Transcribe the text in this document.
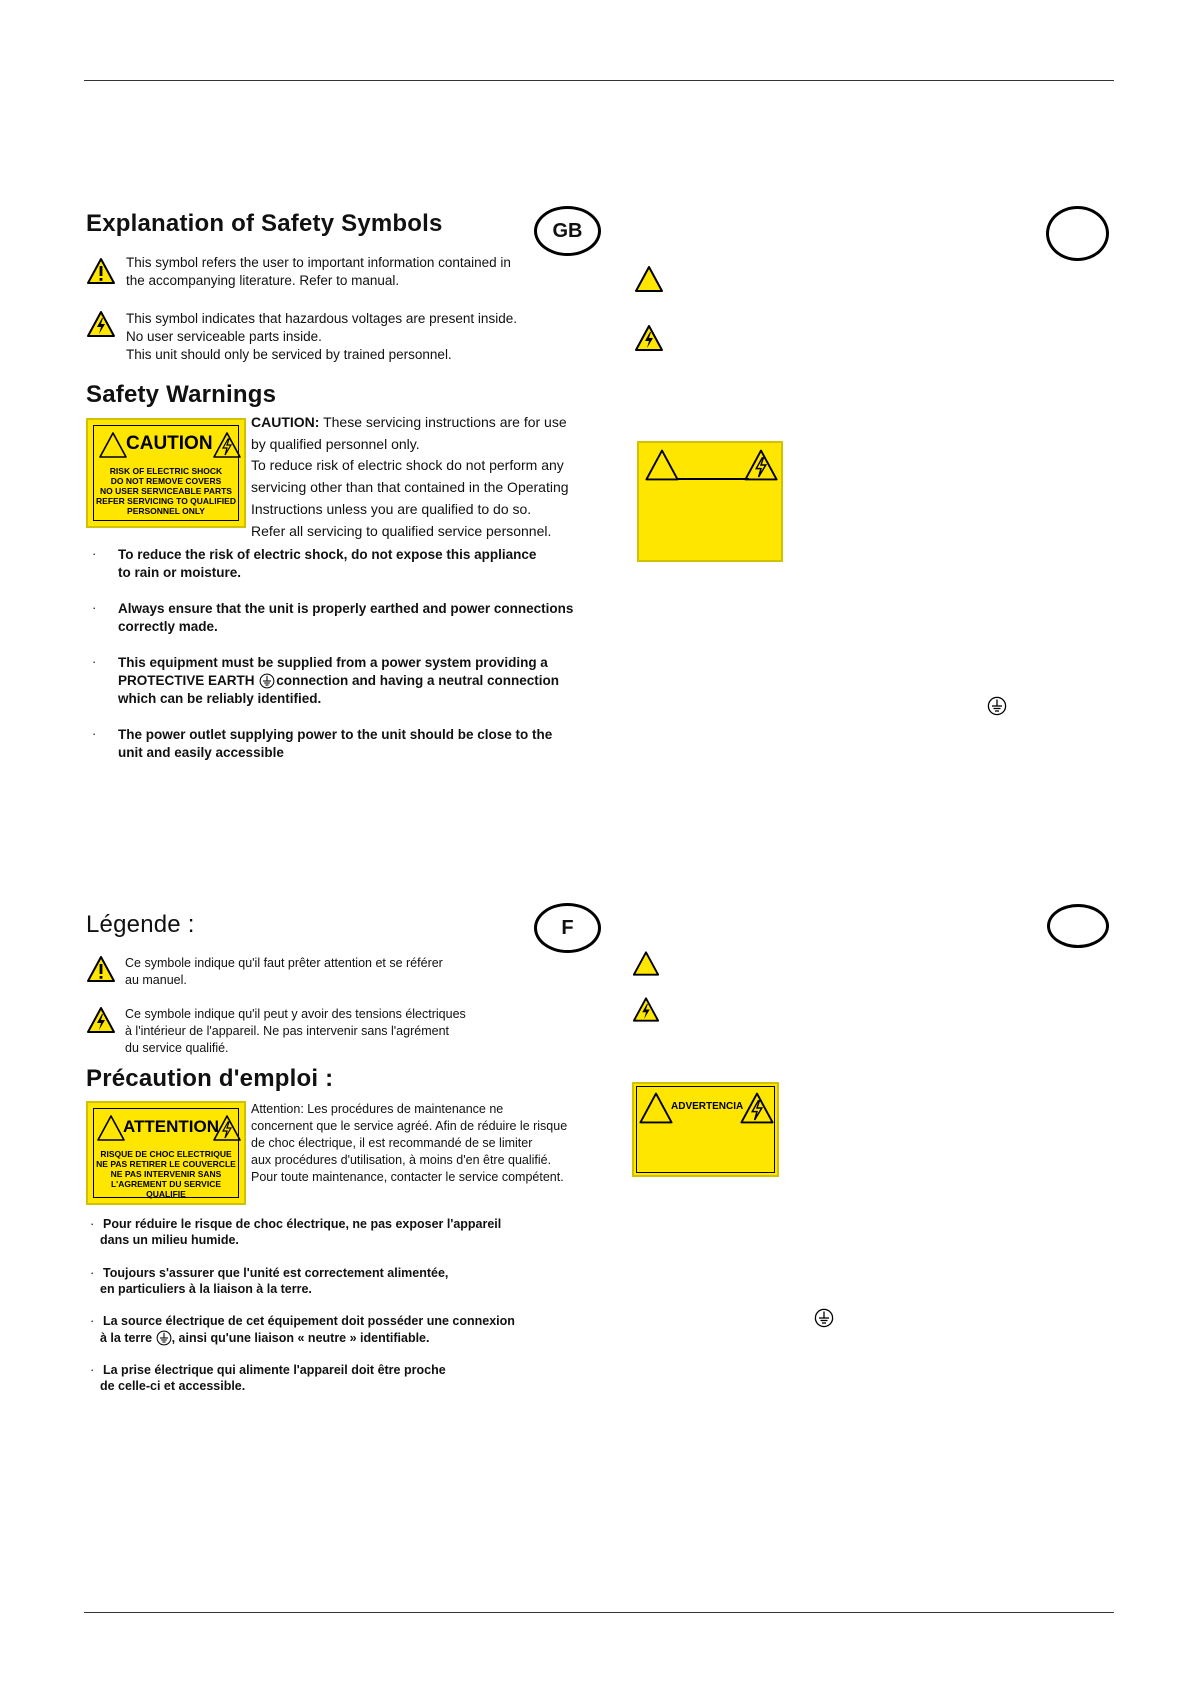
Explanation of Safety Symbols	GB
This symbol refers the user to important information contained in
the accompanying literature. Refer to manual.
This symbol indicates that hazardous voltages are present inside.
No user serviceable parts inside.
This unit should only be serviced by trained personnel.
Safety Warnings
CAUTION
RISK OF ELECTRIC SHOCK
DO NOT REMOVE COVERS
NO USER SERVICEABLE PARTS
REFER SERVICING TO QUALIFIED
PERSONNEL ONLY
CAUTION: These servicing instructions are for use
by qualified personnel only.
To reduce risk of electric shock do not perform any
servicing other than that contained in the Operating
Instructions unless you are qualified to do so.
Refer all servicing to qualified service personnel.
· To reduce the risk of electric shock, do not expose this appliance
to rain or moisture.
· Always ensure that the unit is properly earthed and power connections
correctly made.
· This equipment must be supplied from a power system providing a
PROTECTIVE EARTH connection and having a neutral connection
which can be reliably identified.
· The power outlet supplying power to the unit should be close to the
unit and easily accessible
Légende :	F
Ce symbole indique qu'il faut prêter attention et se référer
au manuel.
Ce symbole indique qu'il peut y avoir des tensions électriques
à l'intérieur de l'appareil. Ne pas intervenir sans l'agrément
du service qualifié.
Précaution d'emploi :
ATTENTION
RISQUE DE CHOC ELECTRIQUE
NE PAS RETIRER LE COUVERCLE
NE PAS INTERVENIR SANS
L'AGREMENT DU SERVICE
QUALIFIE
Attention: Les procédures de maintenance ne
concernent que le service agréé. Afin de réduire le risque
de choc électrique, il est recommandé de se limiter
aux procédures d'utilisation, à moins d'en être qualifié.
Pour toute maintenance, contacter le service compétent.
· Pour réduire le risque de choc électrique, ne pas exposer l'appareil
dans un milieu humide.
· Toujours s'assurer que l'unité est correctement alimentée,
en particuliers à la liaison à la terre.
· La source électrique de cet équipement doit posséder une connexion
à la terre , ainsi qu'une liaison « neutre » identifiable.
· La prise électrique qui alimente l'appareil doit être proche
de celle-ci et accessible.
ADVERTENCIA
